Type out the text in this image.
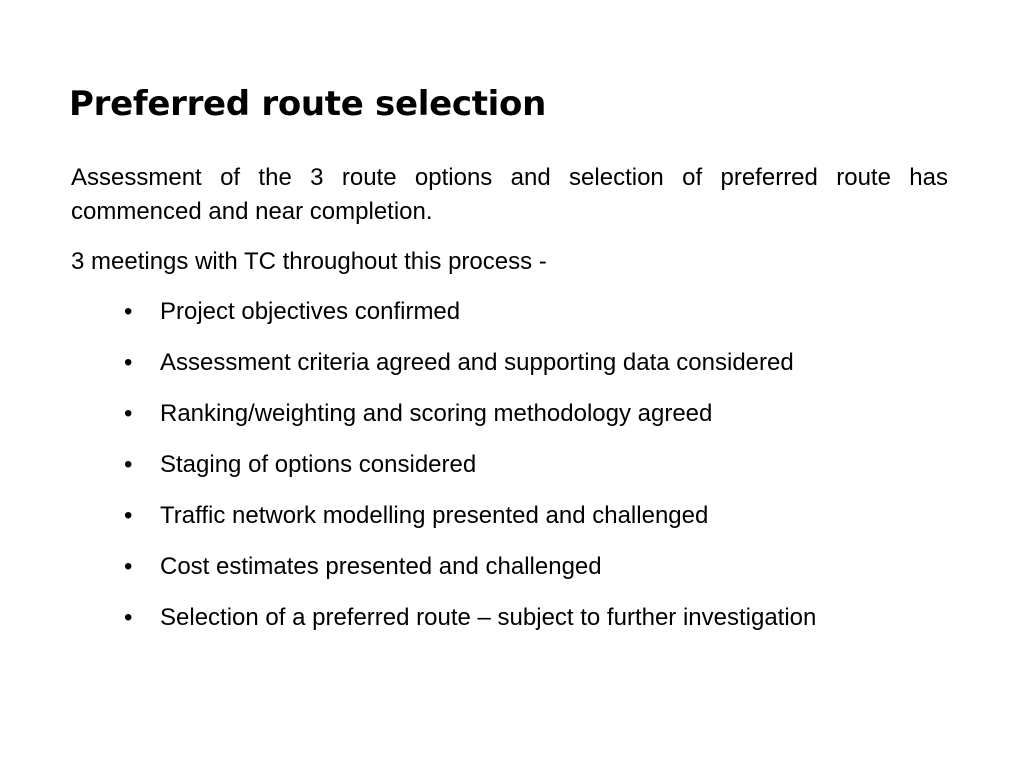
Preferred route selection

Assessment of the 3 route options and selection of preferred route has commenced and near completion.

3 meetings with TC throughout this process -

• Project objectives confirmed
• Assessment criteria agreed and supporting data considered
• Ranking/weighting and scoring methodology agreed
• Staging of options considered
• Traffic network modelling presented and challenged
• Cost estimates presented and challenged
• Selection of a preferred route – subject to further investigation
